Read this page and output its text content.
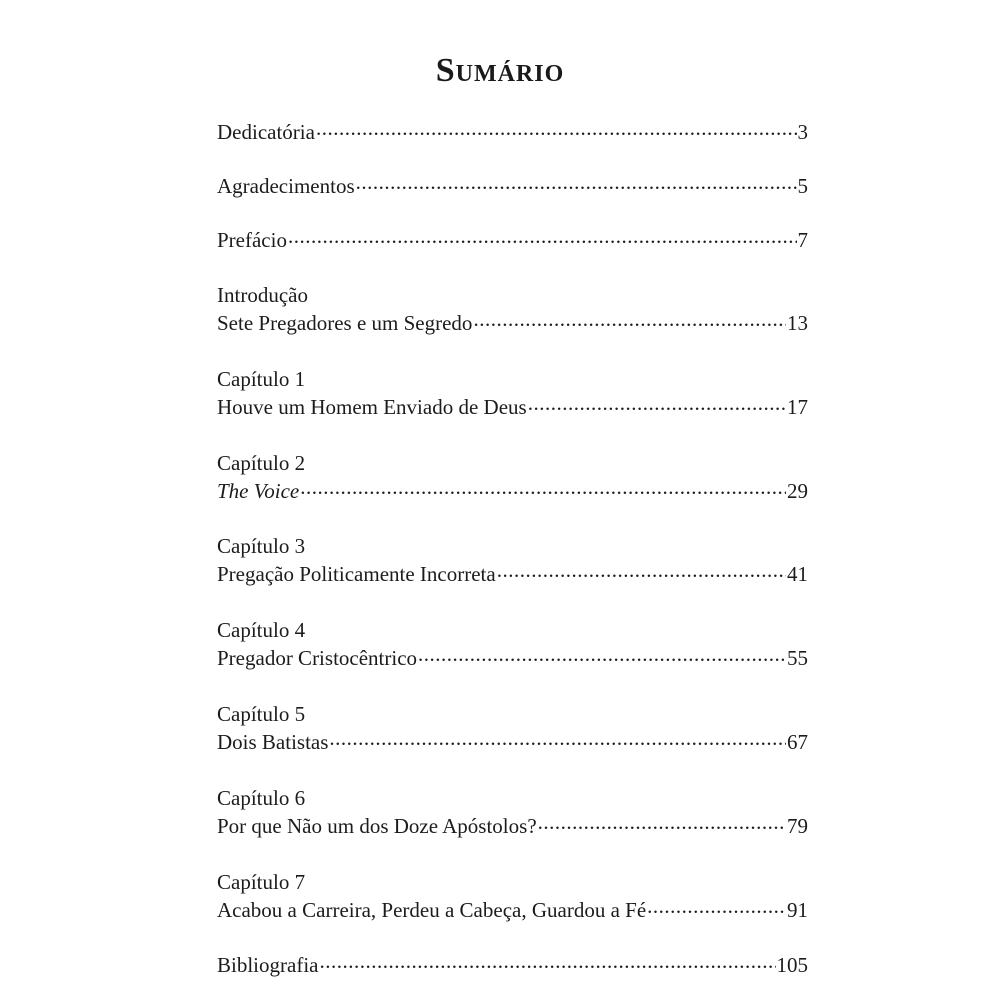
Sumário
Dedicatória .....	3
Agradecimentos .....	5
Prefácio .....	7
Introdução
Sete Pregadores e um Segredo .....	13
Capítulo 1
Houve um Homem Enviado de Deus .....	17
Capítulo 2
The Voice .....	29
Capítulo 3
Pregação Politicamente Incorreta .....	41
Capítulo 4
Pregador Cristocêntrico .....	55
Capítulo 5
Dois Batistas .....	67
Capítulo 6
Por que Não um dos Doze Apóstolos? .....	79
Capítulo 7
Acabou a Carreira, Perdeu a Cabeça, Guardou a Fé .....	91
Bibliografia .....	105
